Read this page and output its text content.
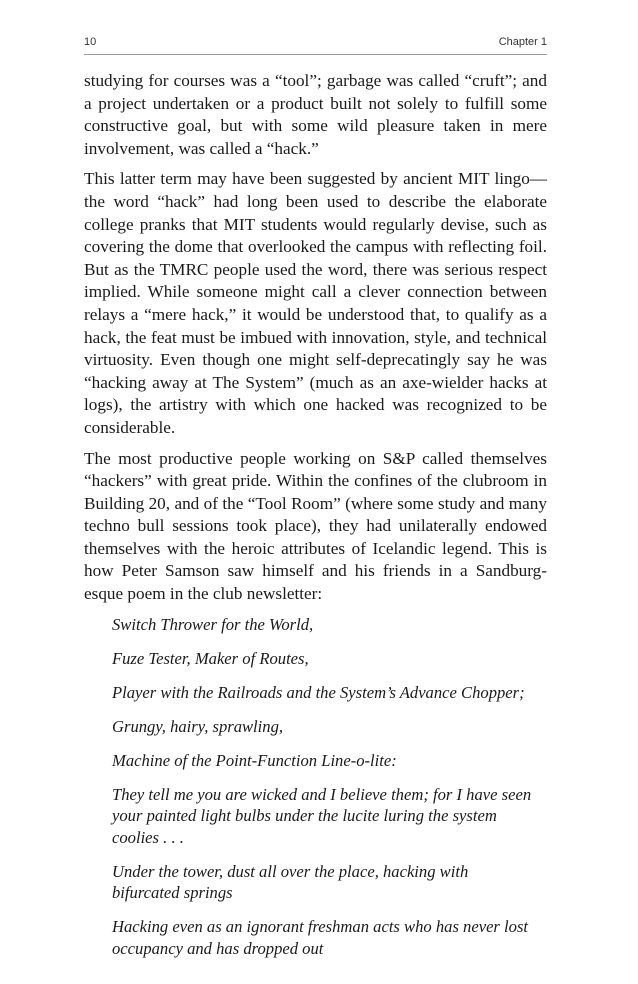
10	Chapter 1

studying for courses was a “tool”; garbage was called “cruft”; and a project undertaken or a product built not solely to fulfill some constructive goal, but with some wild pleasure taken in mere involvement, was called a “hack.”

This latter term may have been suggested by ancient MIT lingo—the word “hack” had long been used to describe the elaborate college pranks that MIT students would regularly devise, such as covering the dome that overlooked the campus with reflecting foil. But as the TMRC people used the word, there was serious respect implied. While someone might call a clever connection between relays a “mere hack,” it would be understood that, to qualify as a hack, the feat must be imbued with innovation, style, and technical virtuosity. Even though one might self-deprecatingly say he was “hacking away at The System” (much as an axe-wielder hacks at logs), the artistry with which one hacked was recognized to be considerable.

The most productive people working on S&P called themselves “hackers” with great pride. Within the confines of the clubroom in Building 20, and of the “Tool Room” (where some study and many techno bull sessions took place), they had unilaterally endowed themselves with the heroic attributes of Icelandic legend. This is how Peter Samson saw himself and his friends in a Sandburg-esque poem in the club newsletter:

Switch Thrower for the World,
Fuze Tester, Maker of Routes,
Player with the Railroads and the System’s Advance Chopper;
Grungy, hairy, sprawling,
Machine of the Point-Function Line-o-lite:
They tell me you are wicked and I believe them; for I have seen your painted light bulbs under the lucite luring the system coolies . . .
Under the tower, dust all over the place, hacking with bifurcated springs
Hacking even as an ignorant freshman acts who has never lost occupancy and has dropped out
